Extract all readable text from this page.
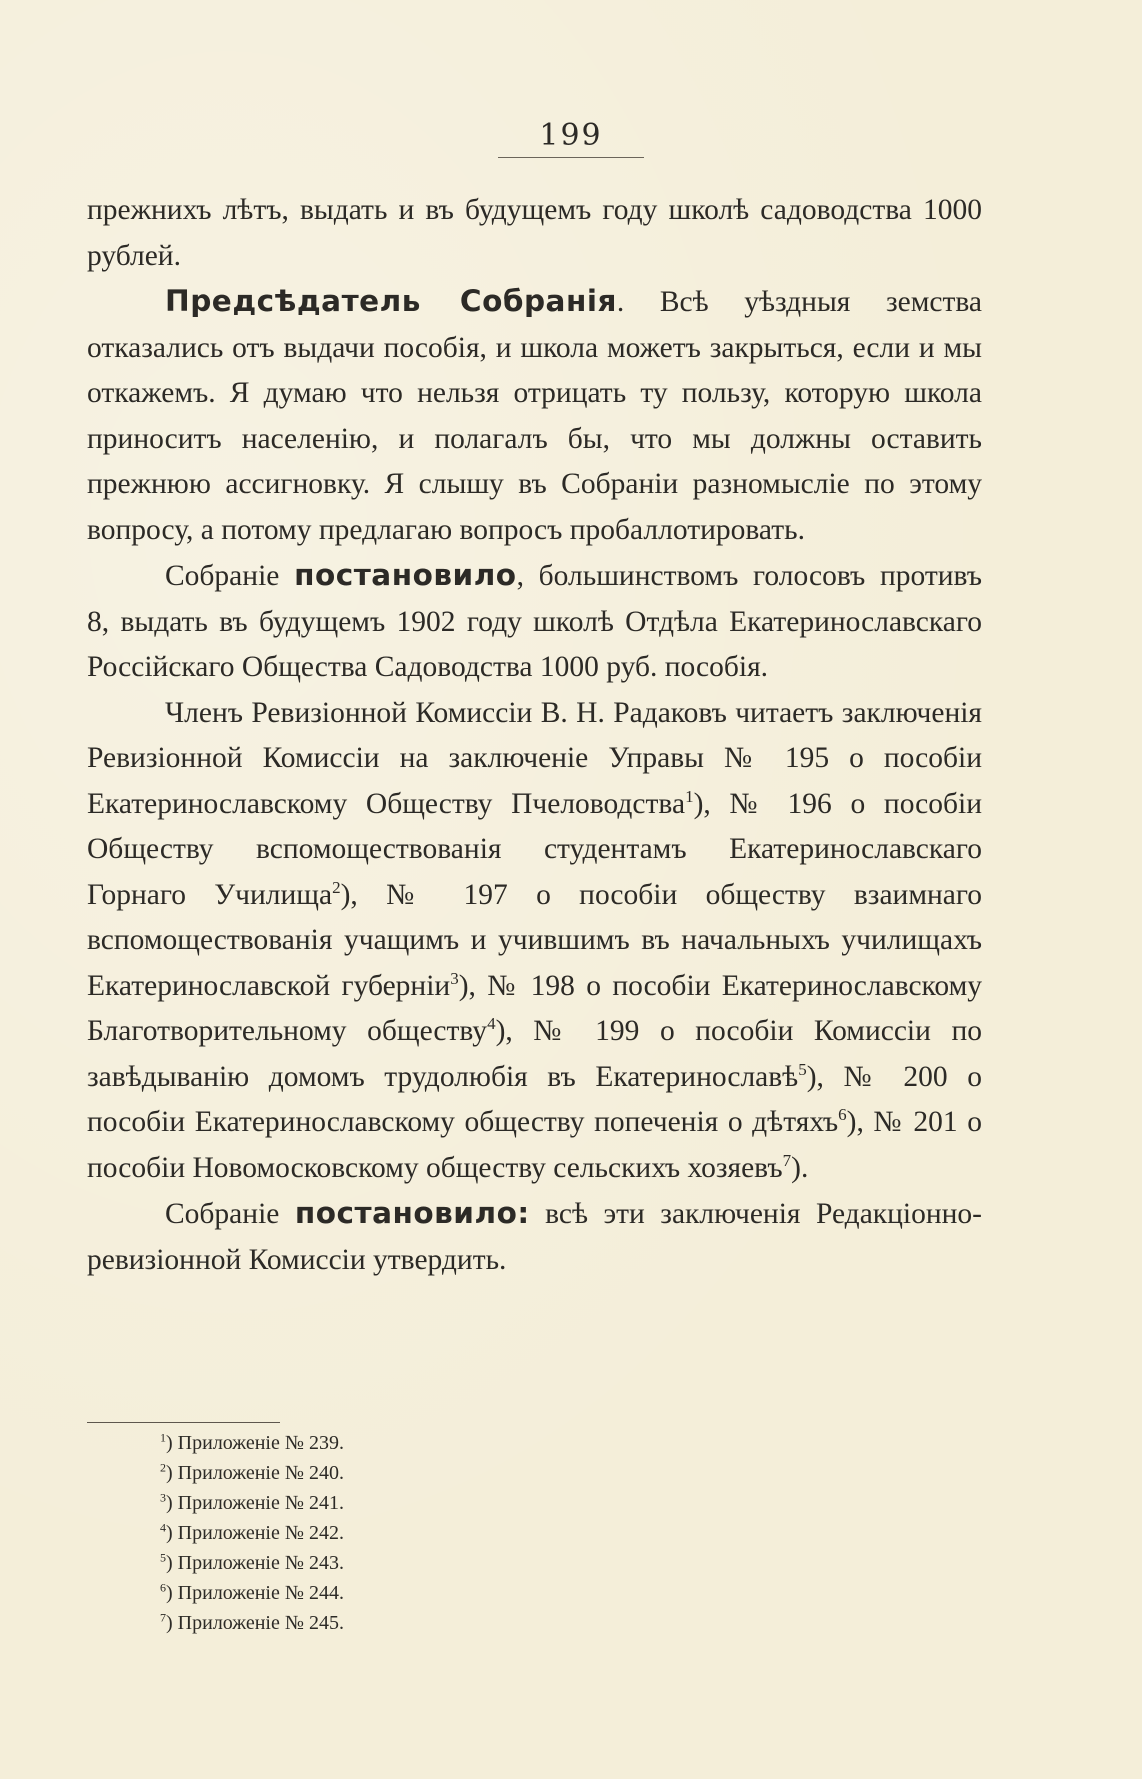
199

прежнихъ лѣтъ, выдать и въ будущемъ году школѣ садоводства 1000 рублей.

Предсѣдатель Собранія. Всѣ уѣздныя земства отказались отъ выдачи пособія, и школа можетъ закрыться, если и мы откажемъ. Я думаю что нельзя отрицать ту пользу, которую школа приноситъ населенію, и полагалъ бы, что мы должны оставить прежнюю ассигновку. Я слышу въ Собраніи разномысліе по этому вопросу, а потому предлагаю вопросъ пробаллотировать.

Собраніе постановило, большинствомъ голосовъ противъ 8, выдать въ будущемъ 1902 году школѣ Отдѣла Екатеринославскаго Россійскаго Общества Садоводства 1000 руб. пособія.

Членъ Ревизіонной Комиссіи В. Н. Радаковъ читаетъ заключенія Ревизіонной Комиссіи на заключеніе Управы № 195 о пособіи Екатеринославскому Обществу Пчеловодства$^1$), № 196 о пособіи Обществу вспомоществованія студентамъ Екатеринославскаго Горнаго Училища$^2$), № 197 о пособіи обществу взаимнаго вспомоществованія учащимъ и учившимъ въ начальныхъ училищахъ Екатеринославской губерніи$^3$), № 198 о пособіи Екатеринославскому Благотворительному обществу$^4$), № 199 о пособіи Комиссіи по завѣдыванію домомъ трудолюбія въ Екатеринославѣ$^5$), № 200 о пособіи Екатеринославскому обществу попеченія о дѣтяхъ$^6$), № 201 о пособіи Новомосковскому обществу сельскихъ хозяевъ$^7$).

Собраніе постановило: всѣ эти заключенія Редакціонно-ревизіонной Комиссіи утвердить.

$^1$) Приложеніе № 239.
$^2$) Приложеніе № 240.
$^3$) Приложеніе № 241.
$^4$) Приложеніе № 242.
$^5$) Приложеніе № 243.
$^6$) Приложеніе № 244.
$^7$) Приложеніе № 245.
